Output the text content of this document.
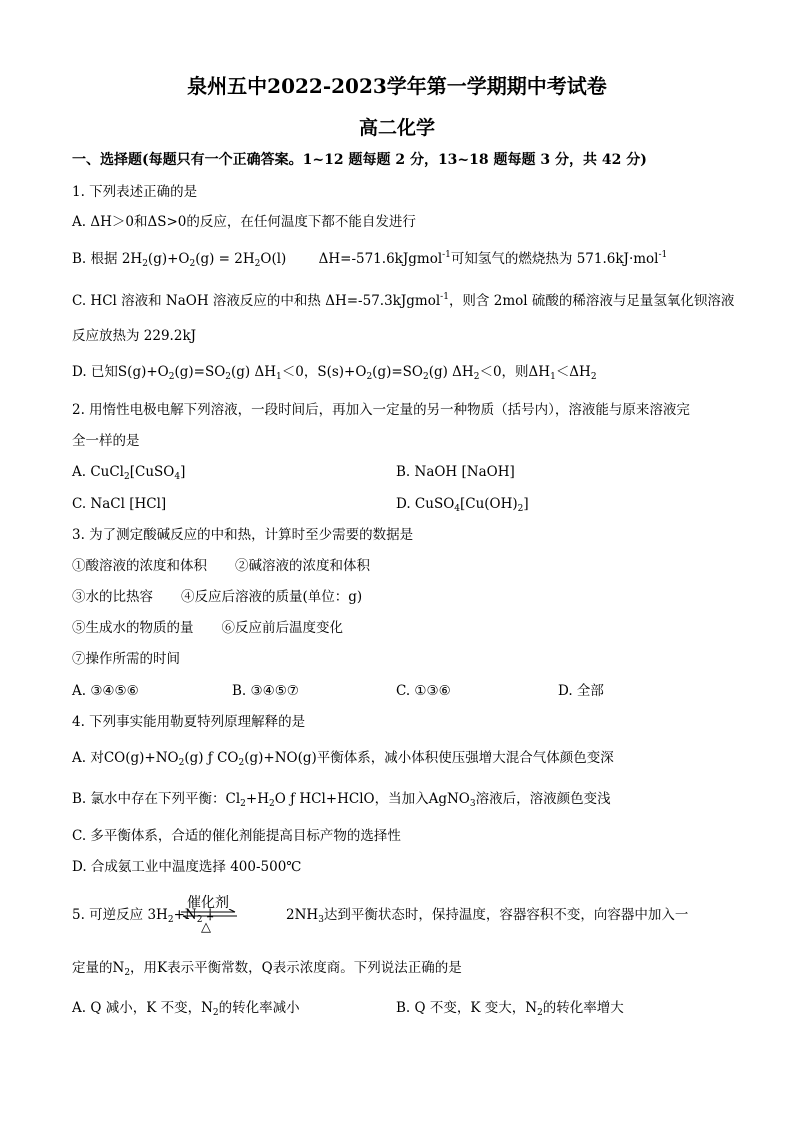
泉州五中2022-2023学年第一学期期中考试卷
高二化学
一、选择题(每题只有一个正确答案。1~12 题每题 2 分，13~18 题每题 3 分，共 42 分)
1. 下列表述正确的是
A. ΔH＞0和ΔS>0的反应，在任何温度下都不能自发进行
B. 根据 $2H_2(g)+O_2(g) = 2H_2O(l)$ ΔH=-571.6kJgmol$^{-1}$可知氢气的燃烧热为 571.6kJ·mol$^{-1}$
C. HCl 溶液和 NaOH 溶液反应的中和热 ΔH=-57.3kJgmol$^{-1}$，则含 2mol 硫酸的稀溶液与足量氢氧化钡溶液
反应放热为 229.2kJ
D. 已知$S(g)+O_2(g)=SO_2(g)$ $\Delta H_1<0$，$S(s)+O_2(g)=SO_2(g)$ $\Delta H_2<0$，则$\Delta H_1<\Delta H_2$
2. 用惰性电极电解下列溶液，一段时间后，再加入一定量的另一种物质（括号内），溶液能与原来溶液完
全一样的是
A. CuCl$_2$[CuSO$_4$]	B. NaOH [NaOH]
C. NaCl [HCl]	D. $CuSO_4[Cu(OH)_2]$
3. 为了测定酸碱反应的中和热，计算时至少需要的数据是
①酸溶液的浓度和体积 ②碱溶液的浓度和体积
③水的比热容 ④反应后溶液的质量(单位：g)
⑤生成水的物质的量 ⑥反应前后温度变化
⑦操作所需的时间
A. ③④⑤⑥	B. ③④⑤⑦	C. ①③⑥	D. 全部
4. 下列事实能用勒夏特列原理解释的是
A. 对$CO(g)+NO_2(g)$ ƒ $CO_2(g)+NO(g)$平衡体系，减小体积使压强增大混合气体颜色变深
B. 氯水中存在下列平衡：$Cl_2+H_2O$ ƒ HCl+HClO，当加入AgNO$_3$溶液后，溶液颜色变浅
C. 多平衡体系，合适的催化剂能提高目标产物的选择性
D. 合成氨工业中温度选择 400-500℃
5. 可逆反应 $3H_2+N_2$ ‡
催化剂
△
$2NH_3$达到平衡状态时，保持温度，容器容积不变，向容器中加入一
定量的$N_2$，用K表示平衡常数，Q表示浓度商。下列说法正确的是
A. Q 减小，K 不变，$N_2$的转化率减小	B. Q 不变，K 变大，$N_2$的转化率增大
